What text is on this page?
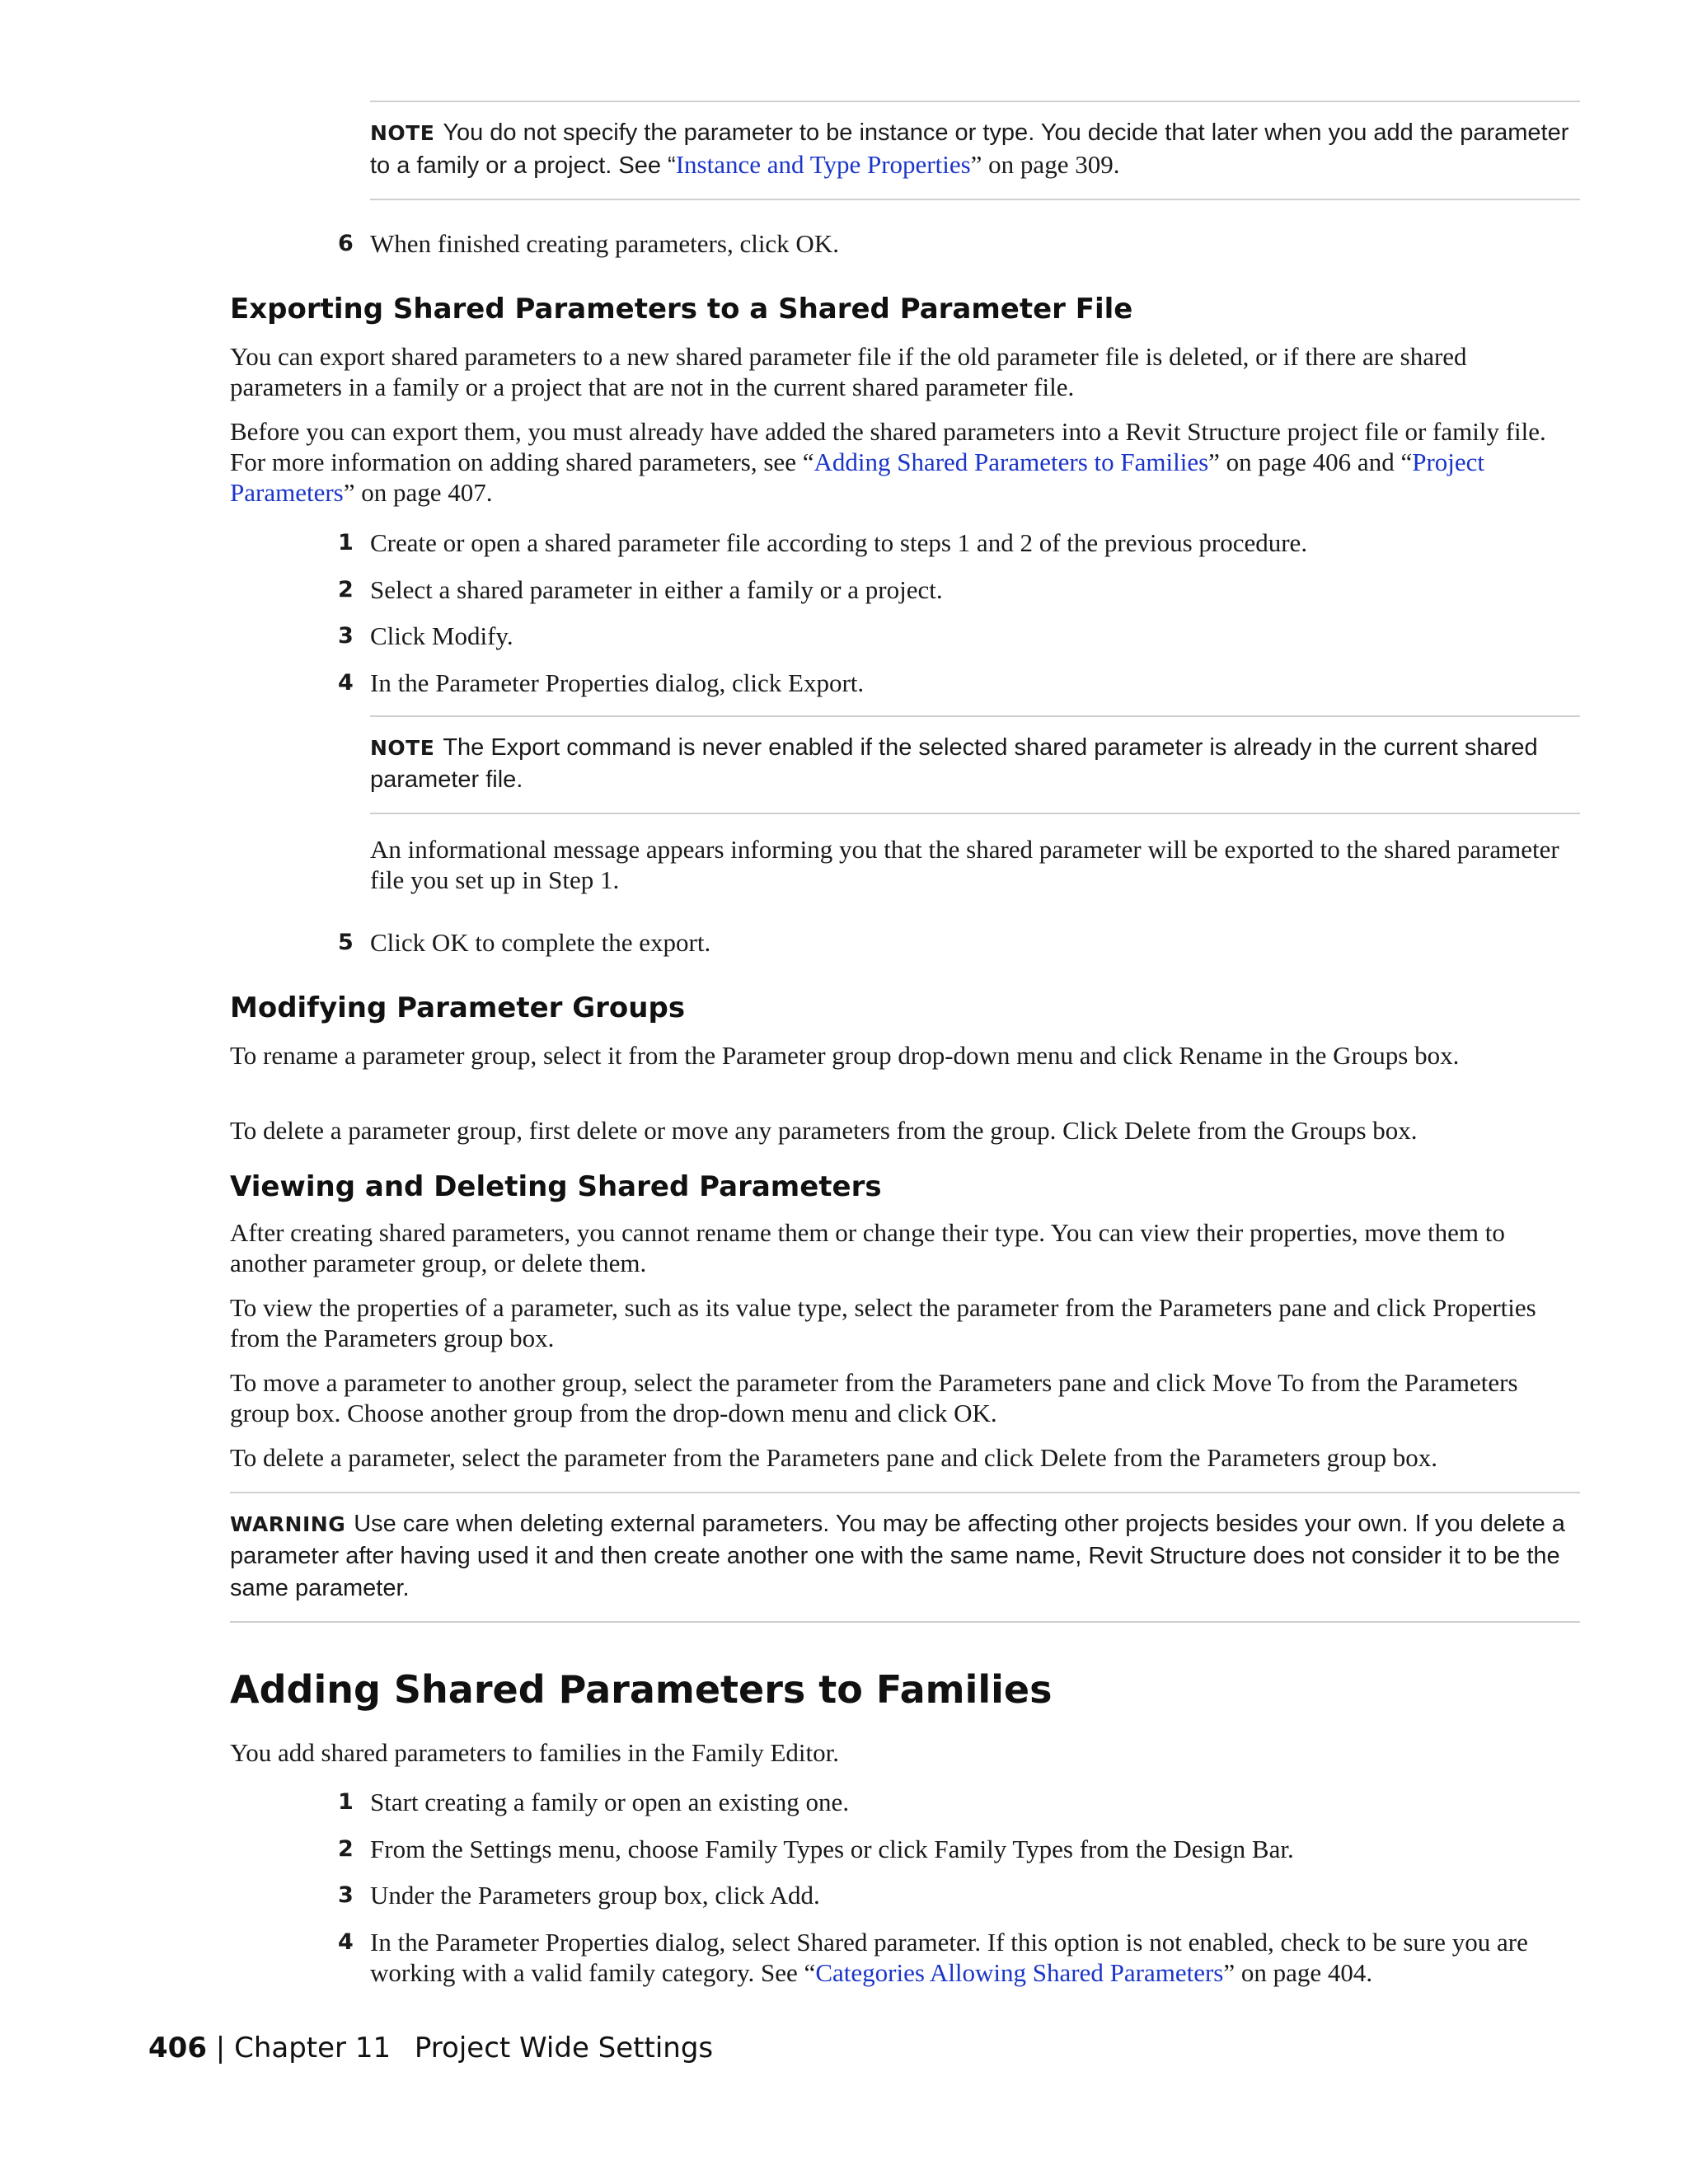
NOTE You do not specify the parameter to be instance or type. You decide that later when you add the parameter to a family or a project. See “Instance and Type Properties” on page 309.
6 When finished creating parameters, click OK.
Exporting Shared Parameters to a Shared Parameter File
You can export shared parameters to a new shared parameter file if the old parameter file is deleted, or if there are shared parameters in a family or a project that are not in the current shared parameter file.
Before you can export them, you must already have added the shared parameters into a Revit Structure project file or family file. For more information on adding shared parameters, see “Adding Shared Parameters to Families” on page 406 and “Project Parameters” on page 407.
1 Create or open a shared parameter file according to steps 1 and 2 of the previous procedure.
2 Select a shared parameter in either a family or a project.
3 Click Modify.
4 In the Parameter Properties dialog, click Export.
NOTE The Export command is never enabled if the selected shared parameter is already in the current shared parameter file.
An informational message appears informing you that the shared parameter will be exported to the shared parameter file you set up in Step 1.
5 Click OK to complete the export.
Modifying Parameter Groups
To rename a parameter group, select it from the Parameter group drop-down menu and click Rename in the Groups box.
To delete a parameter group, first delete or move any parameters from the group. Click Delete from the Groups box.
Viewing and Deleting Shared Parameters
After creating shared parameters, you cannot rename them or change their type. You can view their properties, move them to another parameter group, or delete them.
To view the properties of a parameter, such as its value type, select the parameter from the Parameters pane and click Properties from the Parameters group box.
To move a parameter to another group, select the parameter from the Parameters pane and click Move To from the Parameters group box. Choose another group from the drop-down menu and click OK.
To delete a parameter, select the parameter from the Parameters pane and click Delete from the Parameters group box.
WARNING Use care when deleting external parameters. You may be affecting other projects besides your own. If you delete a parameter after having used it and then create another one with the same name, Revit Structure does not consider it to be the same parameter.
Adding Shared Parameters to Families
You add shared parameters to families in the Family Editor.
1 Start creating a family or open an existing one.
2 From the Settings menu, choose Family Types or click Family Types from the Design Bar.
3 Under the Parameters group box, click Add.
4 In the Parameter Properties dialog, select Shared parameter. If this option is not enabled, check to be sure you are working with a valid family category. See “Categories Allowing Shared Parameters” on page 404.
406 | Chapter 11 Project Wide Settings
